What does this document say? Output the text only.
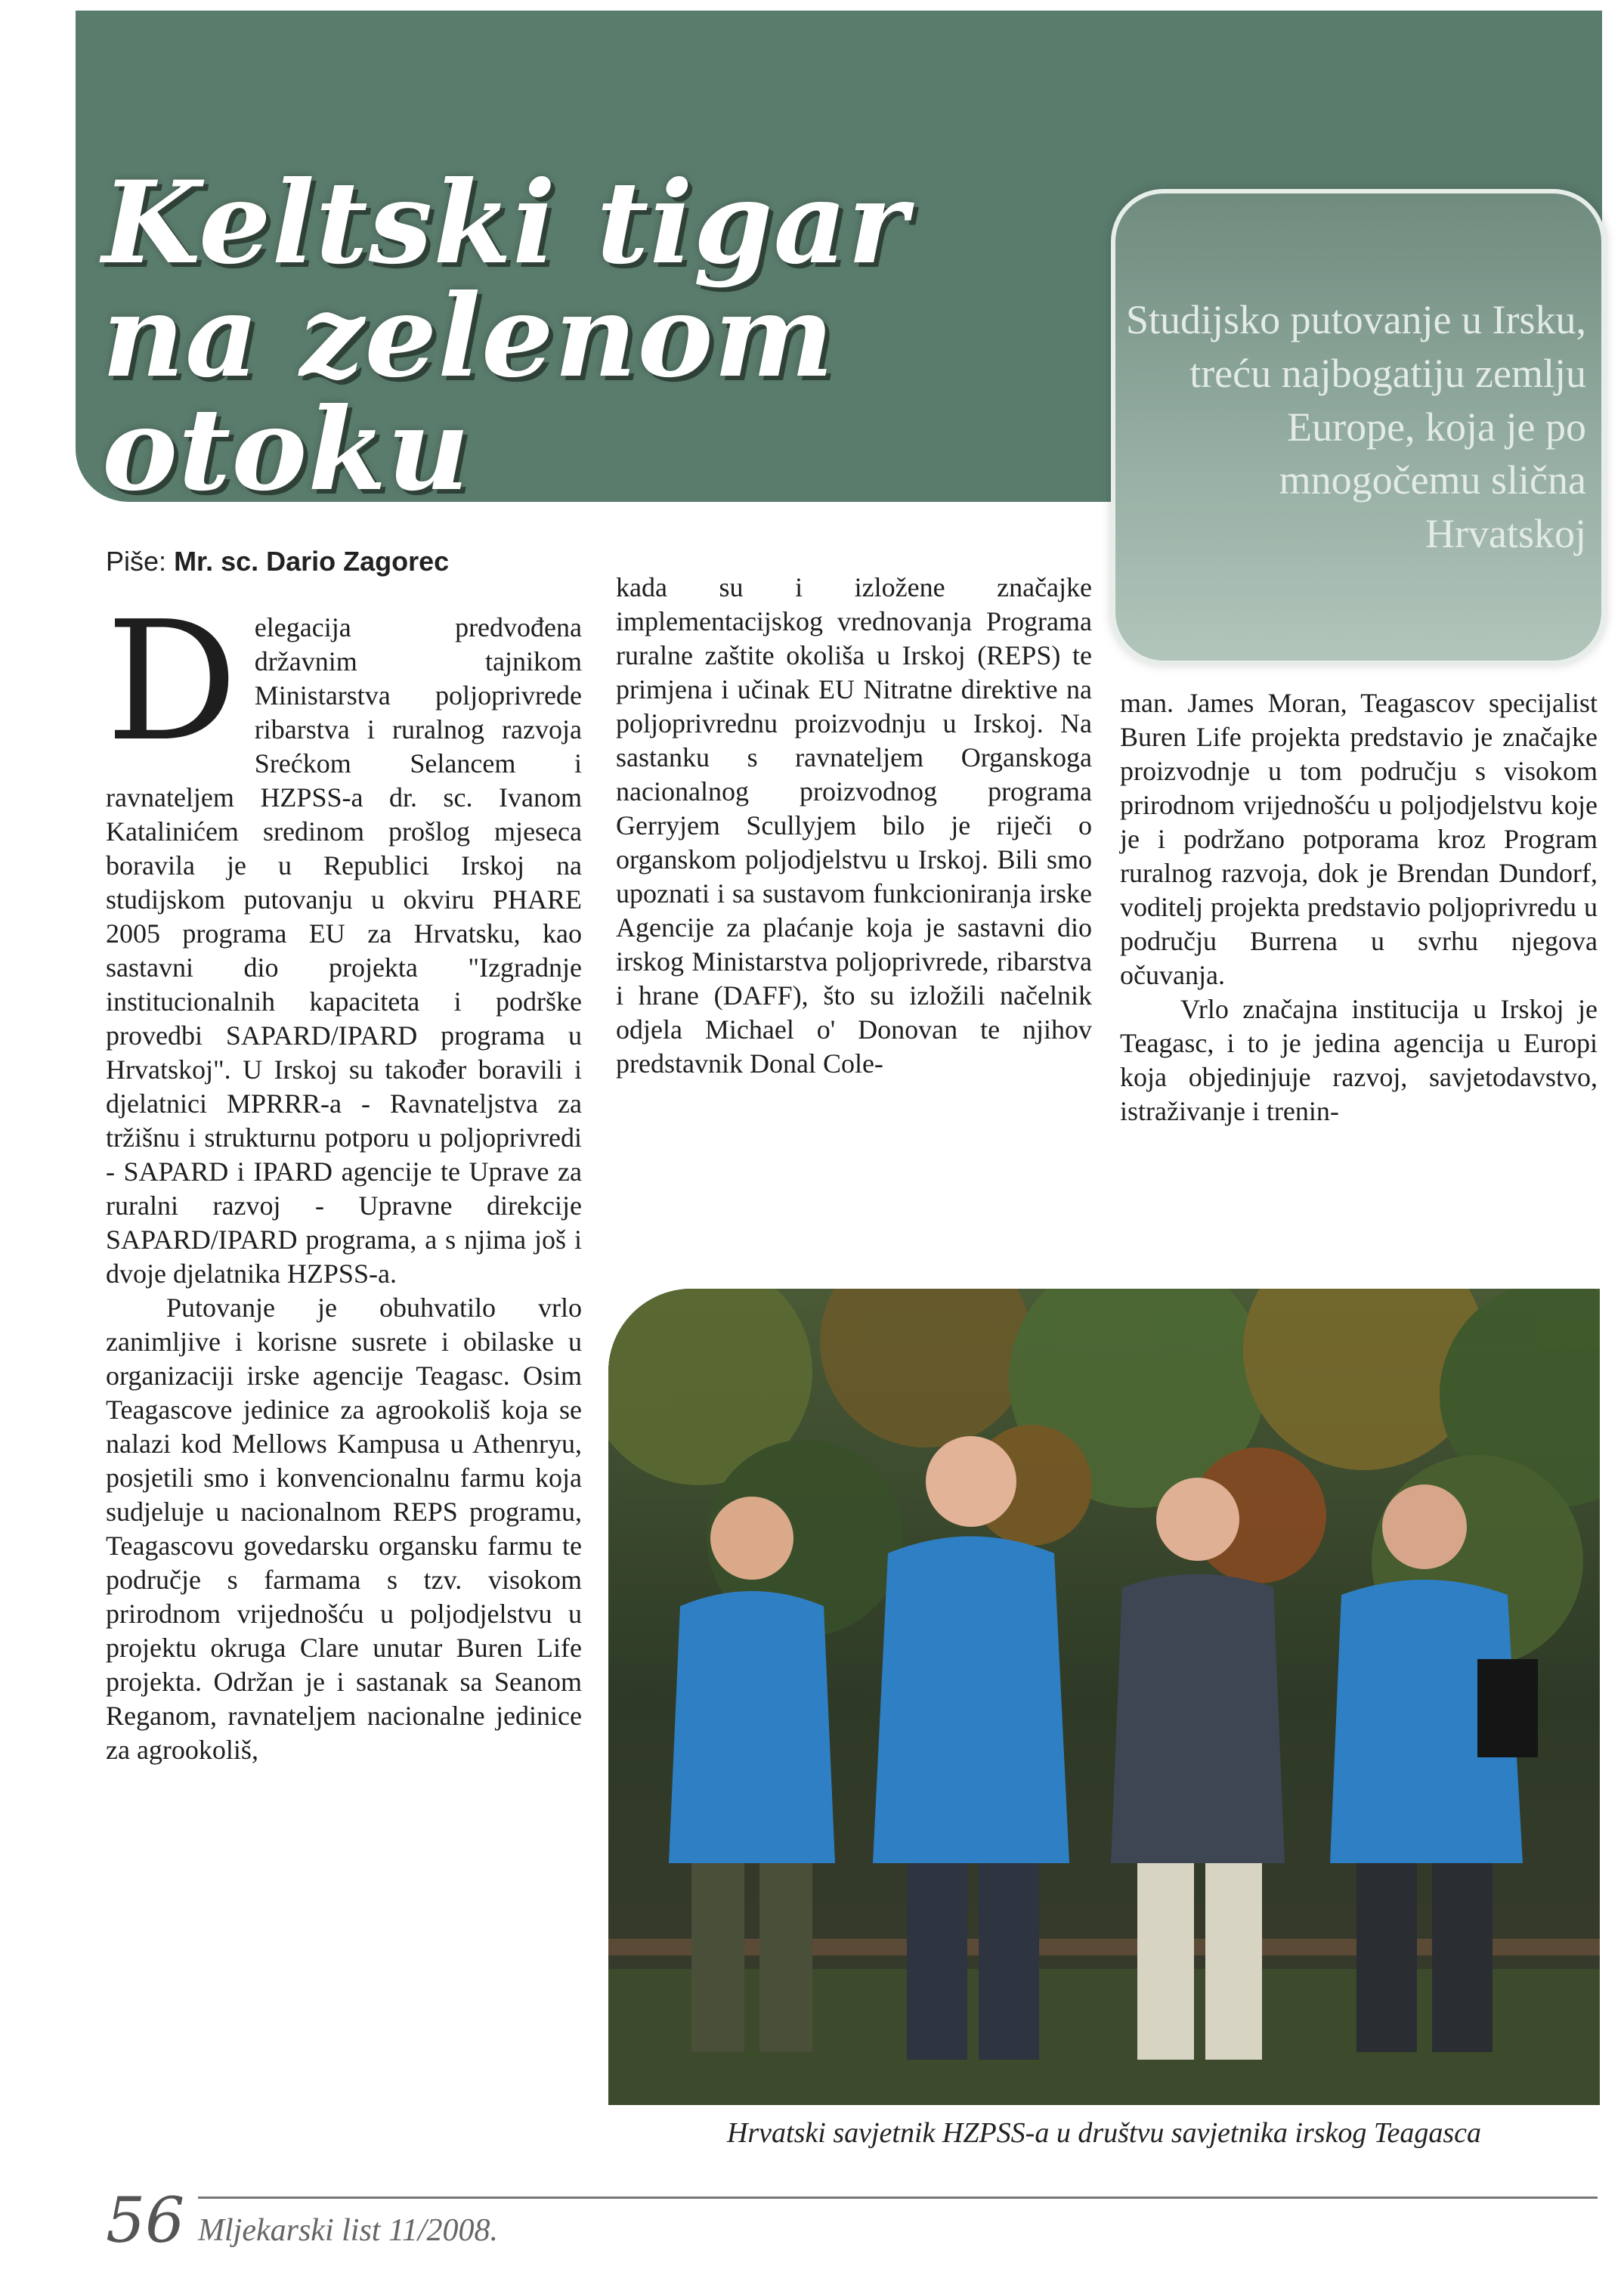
Keltski tigar na zelenom otoku

Studijsko putovanje u Irsku, treću najbogatiju zemlju Europe, koja je po mnogočemu slična Hrvatskoj

Piše: Mr. sc. Dario Zagorec

Delegacija predvođena državnim tajnikom Ministarstva poljoprivrede ribarstva i ruralnog razvoja Srećkom Selancem i ravnateljem HZPSS-a dr. sc. Ivanom Katalinićem sredinom prošlog mjeseca boravila je u Republici Irskoj na studijskom putovanju u okviru PHARE 2005 programa EU za Hrvatsku, kao sastavni dio projekta "Izgradnje institucionalnih kapaciteta i podrške provedbi SAPARD/IPARD programa u Hrvatskoj". U Irskoj su također boravili i djelatnici MPRRR-a - Ravnateljstva za tržišnu i strukturnu potporu u poljoprivredi - SAPARD i IPARD agencije te Uprave za ruralni razvoj - Upravne direkcije SAPARD/IPARD programa, a s njima još i dvoje djelatnika HZPSS-a.

Putovanje je obuhvatilo vrlo zanimljive i korisne susrete i obilaske u organizaciji irske agencije Teagasc. Osim Teagascove jedinice za agrookoliš koja se nalazi kod Mellows Kampusa u Athenryu, posjetili smo i konvencionalnu farmu koja sudjeluje u nacionalnom REPS programu, Teagascovu govedarsku organsku farmu te područje s farmama s tzv. visokom prirodnom vrijednošću u poljodjelstvu u projektu okruga Clare unutar Buren Life projekta. Održan je i sastanak sa Seanom Reganom, ravnateljem nacionalne jedinice za agrookoliš,

kada su i izložene značajke implementacijskog vrednovanja Programa ruralne zaštite okoliša u Irskoj (REPS) te primjena i učinak EU Nitratne direktive na poljoprivrednu proizvodnju u Irskoj. Na sastanku s ravnateljem Organskoga nacionalnog proizvodnog programa Gerryjem Scullyjem bilo je riječi o organskom poljodjelstvu u Irskoj. Bili smo upoznati i sa sustavom funkcioniranja irske Agencije za plaćanje koja je sastavni dio irskog Ministarstva poljoprivrede, ribarstva i hrane (DAFF), što su izložili načelnik odjela Michael o' Donovan te njihov predstavnik Donal Cole-

man. James Moran, Teagascov specijalist Buren Life projekta predstavio je značajke proizvodnje u tom području s visokom prirodnom vrijednošću u poljodjelstvu koje je i podržano potporama kroz Program ruralnog razvoja, dok je Brendan Dundorf, voditelj projekta predstavio poljoprivredu u području Burrena u svrhu njegova očuvanja.

Vrlo značajna institucija u Irskoj je Teagasc, i to je jedina agencija u Europi koja objedinjuje razvoj, savjetodavstvo, istraživanje i trenin-

Hrvatski savjetnik HZPSS-a u društvu savjetnika irskog Teagasca
56 Mljekarski list 11/2008.
